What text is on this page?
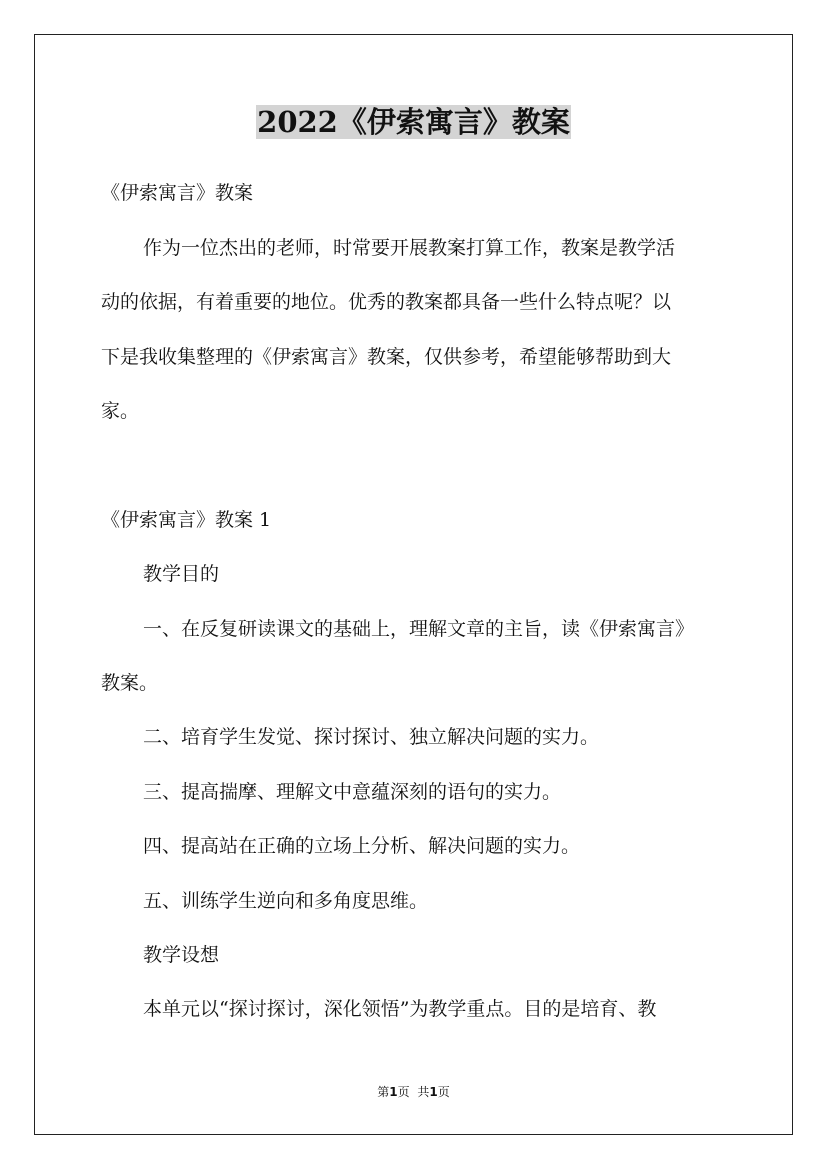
2022《伊索寓言》教案

《伊索寓言》教案

作为一位杰出的老师，时常要开展教案打算工作，教案是教学活

动的依据，有着重要的地位。优秀的教案都具备一些什么特点呢？以

下是我收集整理的《伊索寓言》教案，仅供参考，希望能够帮助到大

家。

《伊索寓言》教案 1

教学目的

一、在反复研读课文的基础上，理解文章的主旨，读《伊索寓言》

教案。

二、培育学生发觉、探讨探讨、独立解决问题的实力。

三、提高揣摩、理解文中意蕴深刻的语句的实力。

四、提高站在正确的立场上分析、解决问题的实力。

五、训练学生逆向和多角度思维。

教学设想

本单元以“探讨探讨，深化领悟”为教学重点。目的是培育、教

第1页 共1页
